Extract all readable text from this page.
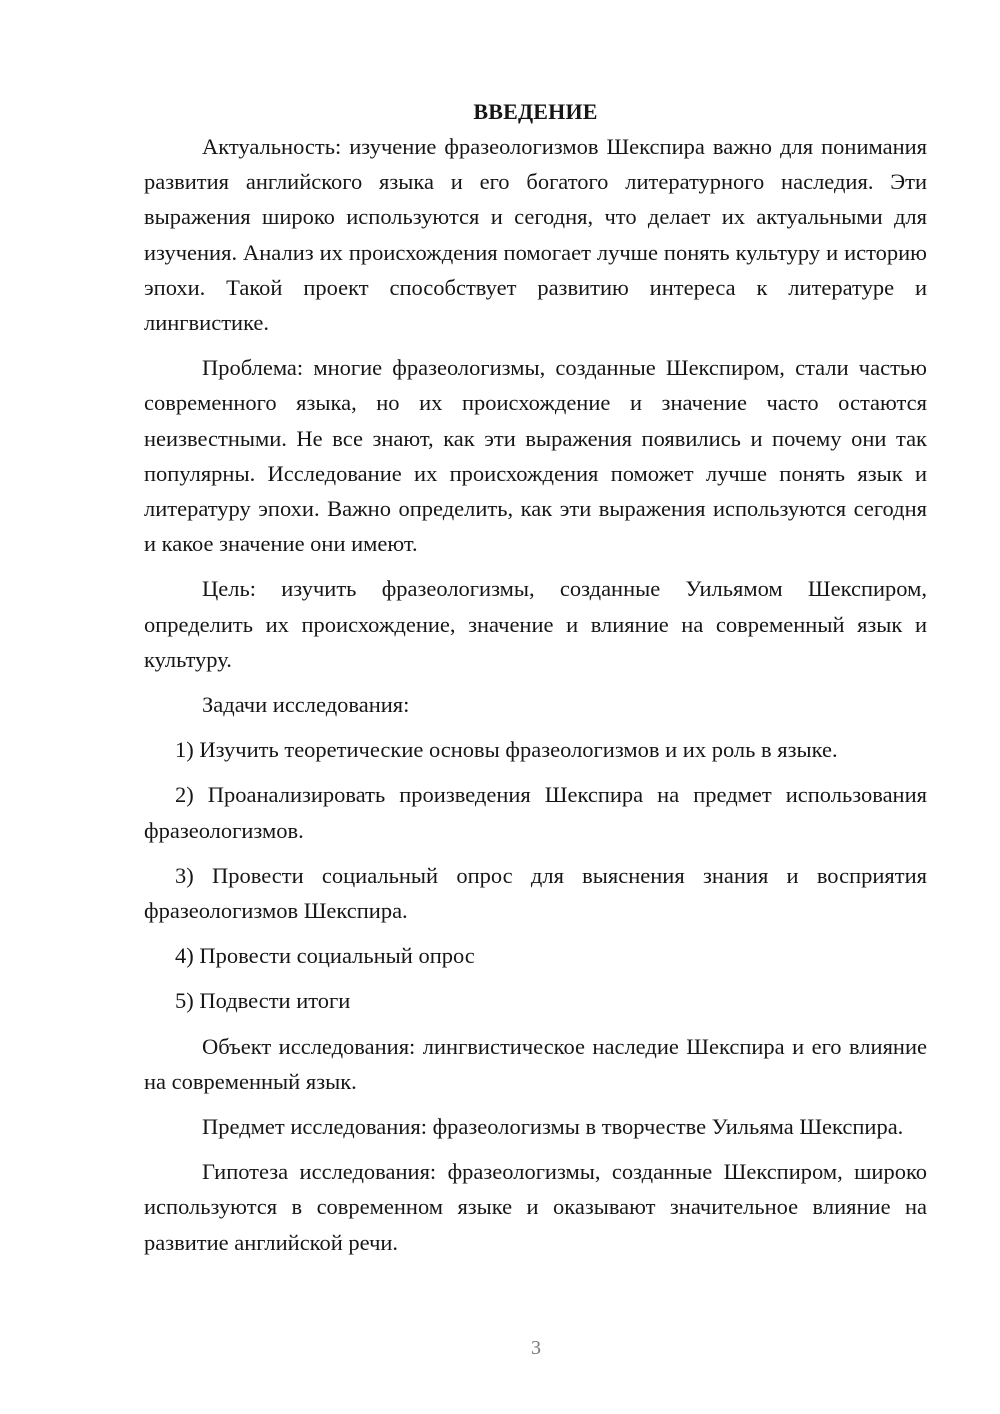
ВВЕДЕНИЕ

Актуальность: изучение фразеологизмов Шекспира важно для понимания развития английского языка и его богатого литературного наследия. Эти выражения широко используются и сегодня, что делает их актуальными для изучения. Анализ их происхождения помогает лучше понять культуру и историю эпохи. Такой проект способствует развитию интереса к литературе и лингвистике.

Проблема: многие фразеологизмы, созданные Шекспиром, стали частью современного языка, но их происхождение и значение часто остаются неизвестными. Не все знают, как эти выражения появились и почему они так популярны. Исследование их происхождения поможет лучше понять язык и литературу эпохи. Важно определить, как эти выражения используются сегодня и какое значение они имеют.

Цель: изучить фразеологизмы, созданные Уильямом Шекспиром, определить их происхождение, значение и влияние на современный язык и культуру.

Задачи исследования:

1) Изучить теоретические основы фразеологизмов и их роль в языке.

2) Проанализировать произведения Шекспира на предмет использования фразеологизмов.

3) Провести социальный опрос для выяснения знания и восприятия фразеологизмов Шекспира.

4) Провести социальный опрос

5) Подвести итоги

Объект исследования: лингвистическое наследие Шекспира и его влияние на современный язык.

Предмет исследования: фразеологизмы в творчестве Уильяма Шекспира.

Гипотеза исследования: фразеологизмы, созданные Шекспиром, широко используются в современном языке и оказывают значительное влияние на развитие английской речи.

3
